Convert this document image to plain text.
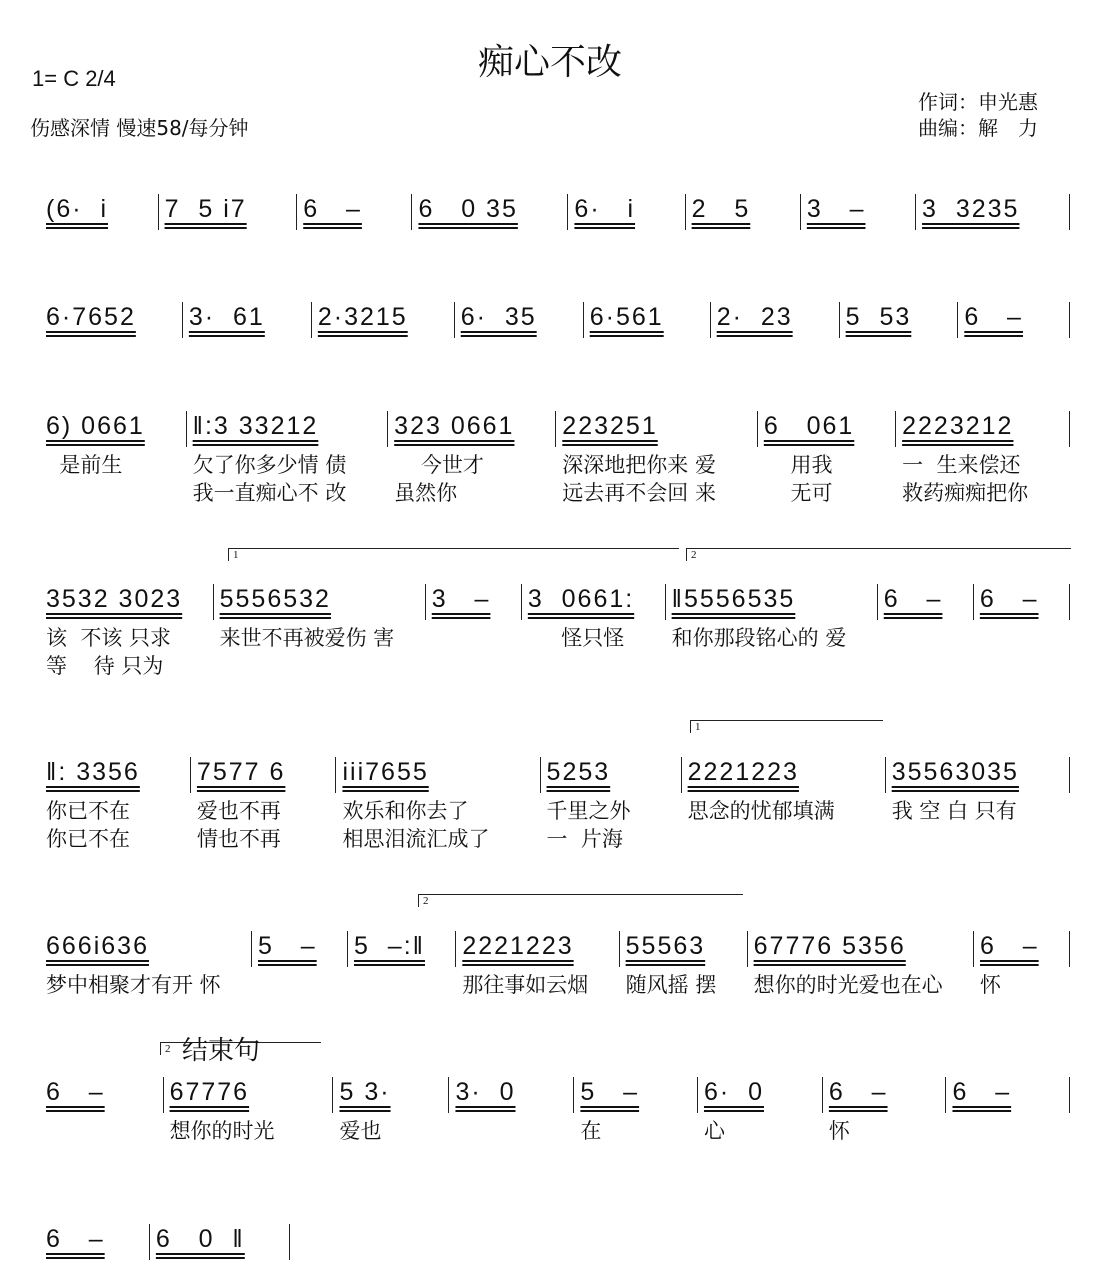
痴心不改
1= C 2/4
伤感深情 慢速58/每分钟
作词：申光惠
曲编：解　力
1	2
1
2
2 结束句
(6·  i	7  5 i7	6   –	6   0 35	6·   i	2   5	3   –	3  3235
6·7652	3·  61	2·3215	6·  35	6·561	2·  23	5  53	6   –
6) 0661
是前生
‖:3 33212
欠了你多少情 债
我一直痴心不 改
323 0661
今世才
虽然你
223251
深深地把你来 爱
远去再不会回 来
6   061
用我
无可
2223212
一  生来偿还
救药痴痴把你
3532 3023
该  不该 只求
等    待 只为
5556532
来世不再被爱伤 害
3   –	3  0661:
怪只怪
‖5556535
和你那段铭心的 爱
6   –	6   –
‖: 3356
你已不在
你已不在
7577 6
爱也不再
情也不再
iii7655
欢乐和你去了
相思泪流汇成了
5253
千里之外
一  片海
2221223
思念的忧郁填满
35563035
我 空 白 只有
666i636
梦中相聚才有开 怀
5   –	5  –:‖	2221223
那往事如云烟
55563
随风摇 摆
67776 5356
想你的时光爱也在心
6   –
怀
6   –	67776
想你的时光
5 3·
爱也
3·  0	5   –
在
6·  0
心
6   –
怀
6   –
6   –	6   0  ‖
